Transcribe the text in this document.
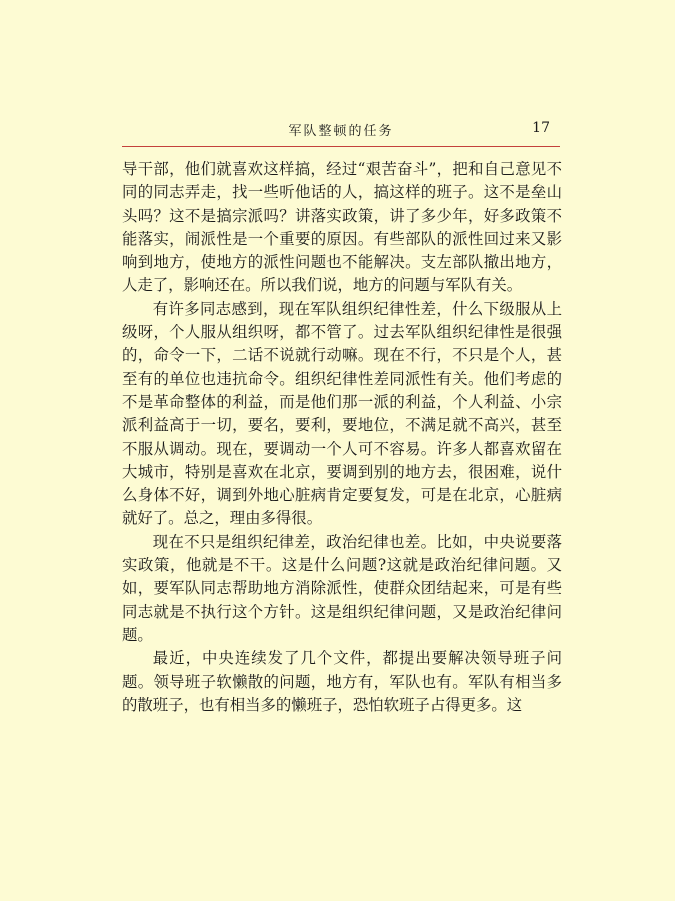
军队整顿的任务	17

导干部，他们就喜欢这样搞，经过“艰苦奋斗”，把和自己意见不同的同志弄走，找一些听他话的人，搞这样的班子。这不是垒山头吗？这不是搞宗派吗？讲落实政策，讲了多少年，好多政策不能落实，闹派性是一个重要的原因。有些部队的派性回过来又影响到地方，使地方的派性问题也不能解决。支左部队撤出地方，人走了，影响还在。所以我们说，地方的问题与军队有关。

有许多同志感到，现在军队组织纪律性差，什么下级服从上级呀，个人服从组织呀，都不管了。过去军队组织纪律性是很强的，命令一下，二话不说就行动嘛。现在不行，不只是个人，甚至有的单位也违抗命令。组织纪律性差同派性有关。他们考虑的不是革命整体的利益，而是他们那一派的利益，个人利益、小宗派利益高于一切，要名，要利，要地位，不满足就不高兴，甚至不服从调动。现在，要调动一个人可不容易。许多人都喜欢留在大城市，特别是喜欢在北京，要调到别的地方去，很困难，说什么身体不好，调到外地心脏病肯定要复发，可是在北京，心脏病就好了。总之，理由多得很。

现在不只是组织纪律差，政治纪律也差。比如，中央说要落实政策，他就是不干。这是什么问题?这就是政治纪律问题。又如，要军队同志帮助地方消除派性，使群众团结起来，可是有些同志就是不执行这个方针。这是组织纪律问题，又是政治纪律问题。

最近，中央连续发了几个文件，都提出要解决领导班子问题。领导班子软懒散的问题，地方有，军队也有。军队有相当多的散班子，也有相当多的懒班子，恐怕软班子占得更多。这
